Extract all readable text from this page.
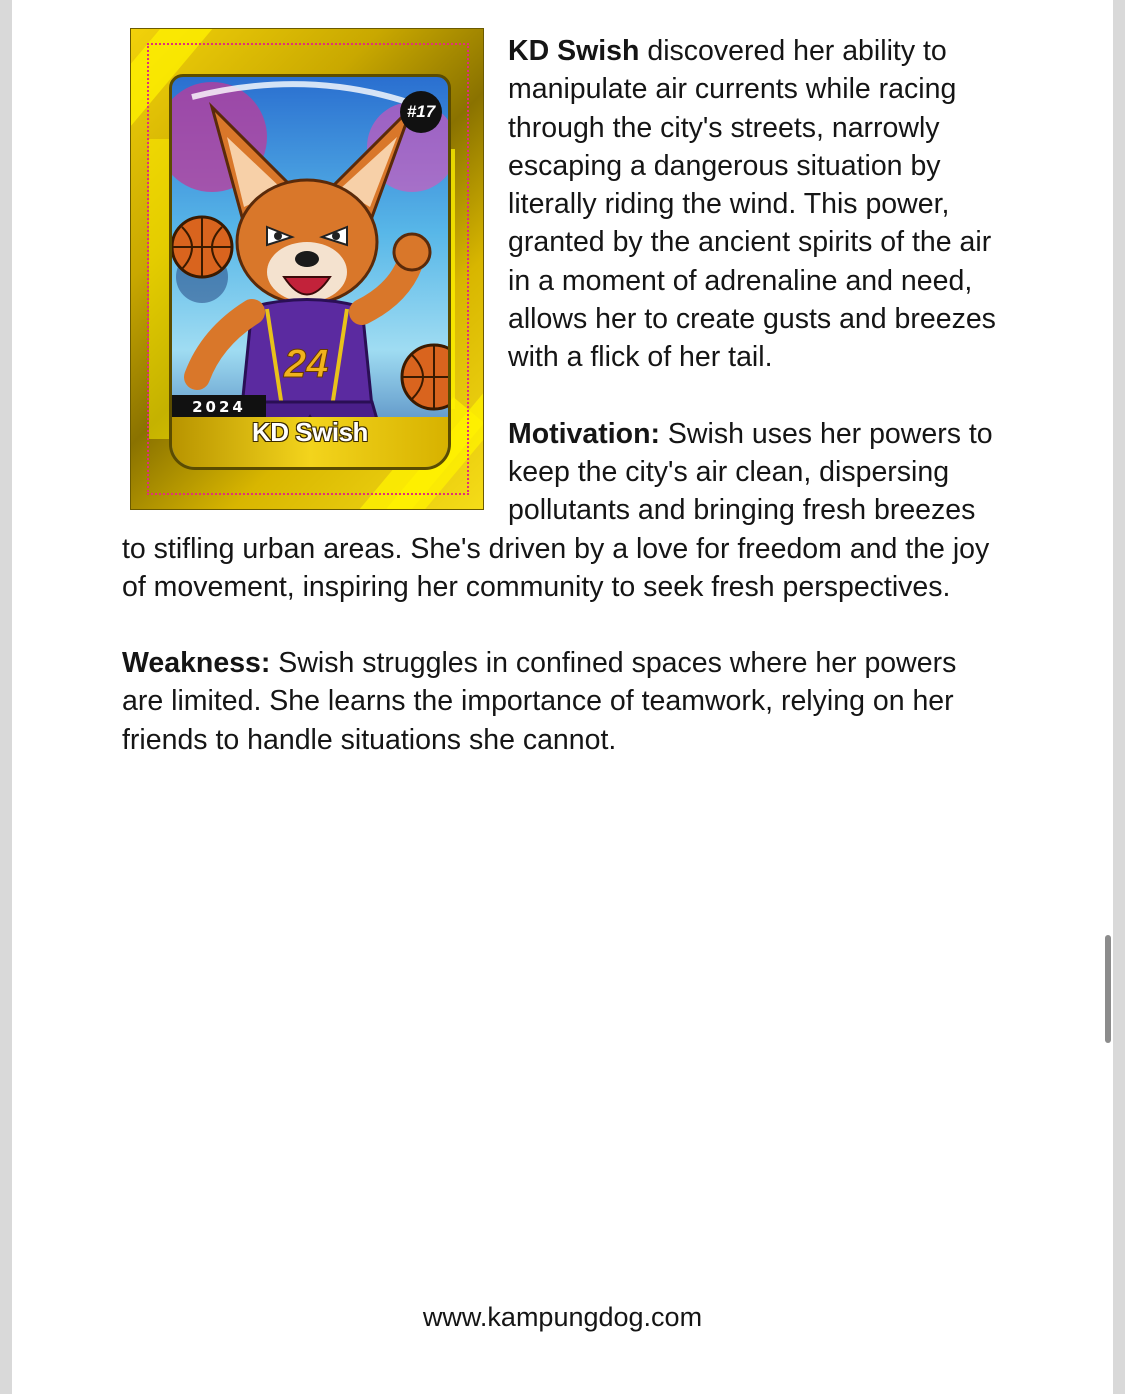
24
#17
2024
KD Swish

KD Swish discovered her ability to manipulate air currents while racing through the city's streets, narrowly escaping a dangerous situation by literally riding the wind. This power, granted by the ancient spirits of the air in a moment of adrenaline and need, allows her to create gusts and breezes with a flick of her tail.

Motivation: Swish uses her powers to keep the city's air clean, dispersing pollutants and bringing fresh breezes to stifling urban areas. She's driven by a love for freedom and the joy of movement, inspiring her community to seek fresh perspectives.

Weakness: Swish struggles in confined spaces where her powers are limited. She learns the importance of teamwork, relying on her friends to handle situations she cannot.

www.kampungdog.com
